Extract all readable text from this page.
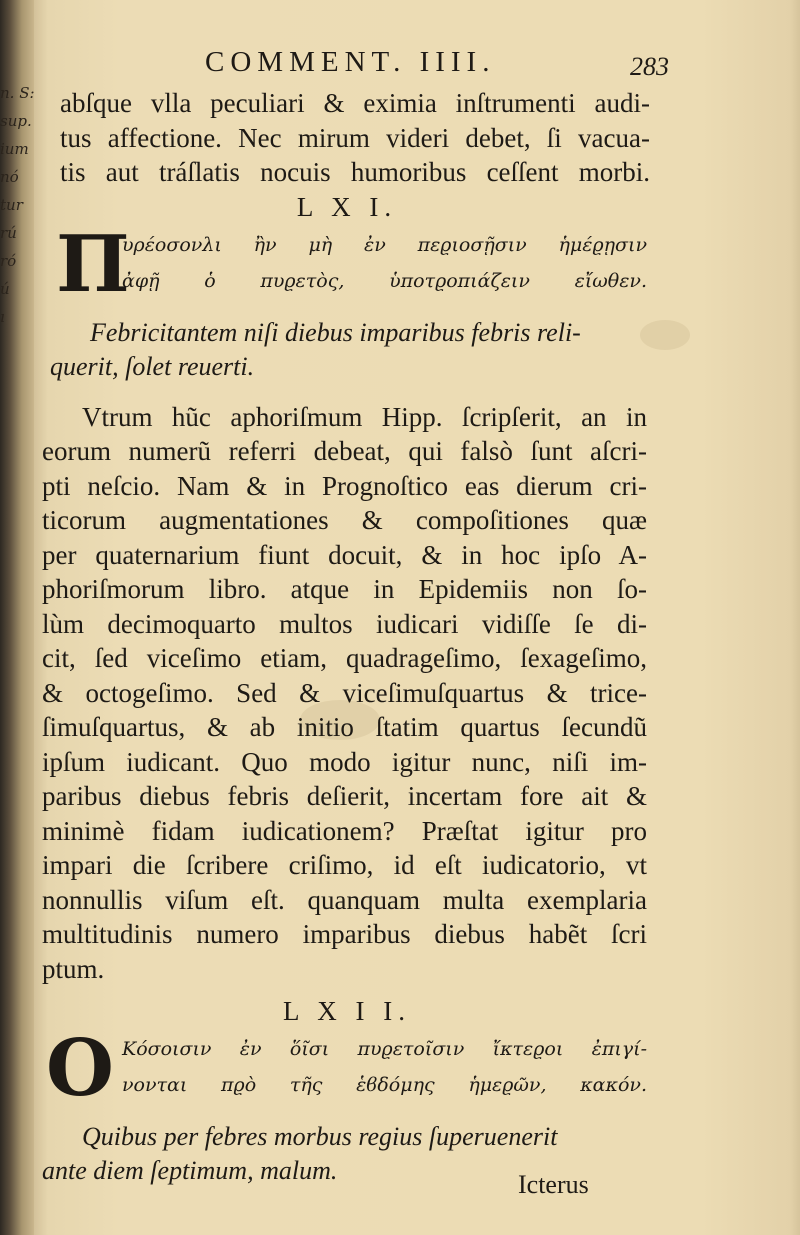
n. S:
sup.
ium
nó
tur
rú
ró
ú
ı
COMMENT. IIII.	283
abſque vlla peculiari & eximia inſtrumenti audi-
tus affectione. Nec mirum videri debet, ſi vacua-
tis aut tráſlatis nocuis humoribus ceſſent morbi.
L X I.
Π
υρέοσονλι ἢν μὴ ἐν πεϱιοσῇσιν ἡμέϱῃσιν
ἀφῇ ὁ πυϱετὸς, ὑποτϱοπιάζειν εἴωθεν.
Febricitantem niſi diebus imparibus febris reli-
querit, ſolet reuerti.
Vtrum hũc aphoriſmum Hipp. ſcripſerit, an in
eorum numerũ referri debeat, qui falsò ſunt aſcri-
pti neſcio. Nam & in Prognoſtico eas dierum cri-
ticorum augmentationes & compoſitiones quæ
per quaternarium fiunt docuit, & in hoc ipſo A-
phoriſmorum libro. atque in Epidemiis non ſo-
lùm decimoquarto multos iudicari vidiſſe ſe di-
cit, ſed viceſimo etiam, quadrageſimo, ſexageſimo,
& octogeſimo. Sed & viceſimuſquartus & trice-
ſimuſquartus, & ab initio ſtatim quartus ſecundũ
ipſum iudicant. Quo modo igitur nunc, niſi im-
paribus diebus febris deſierit, incertam fore ait &
minimè fidam iudicationem? Præſtat igitur pro
impari die ſcribere criſimo, id eſt iudicatorio, vt
nonnullis viſum eſt. quanquam multa exemplaria
multitudinis numero imparibus diebus habẽt ſcri
ptum.
L X I I.
Ο Κόσοισιν ἐν ὅῖσι πυϱετοῖσιν ἴκτεϱοι ἐπιγί-
νονται πϱὸ τῆς ἑϐδόμης ἡμεϱῶν, κακόν.
Quibus per febres morbus regius ſuperuenerit
ante diem ſeptimum, malum.	Icterus
